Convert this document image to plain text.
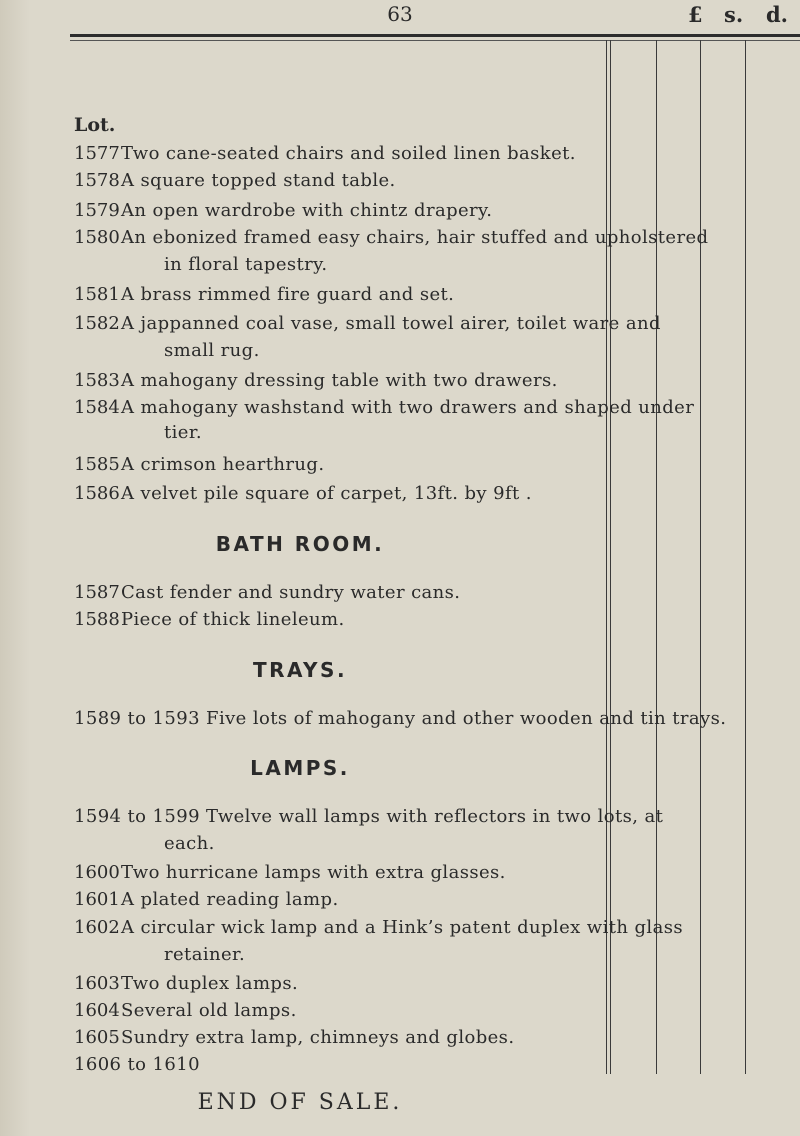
63	£ s. d.
Lot.
1577 Two cane-seated chairs and soiled linen basket.
1578 A square topped stand table.
1579 An open wardrobe with chintz drapery.
1580 An ebonized framed easy chairs, hair stuffed and upholstered
in floral tapestry.
1581 A brass rimmed fire guard and set.
1582 A jappanned coal vase, small towel airer, toilet ware and
small rug.
1583 A mahogany dressing table with two drawers.
1584 A mahogany washstand with two drawers and shaped under
tier.
1585 A crimson hearthrug.
1586 A velvet pile square of carpet, 13ft. by 9ft .
BATH ROOM.
1587 Cast fender and sundry water cans.
1588 Piece of thick lineleum.
TRAYS.
1589 to 1593 Five lots of mahogany and other wooden and tin trays.
LAMPS.
1594 to 1599 Twelve wall lamps with reflectors in two lots, at
each.
1600 Two hurricane lamps with extra glasses.
1601 A plated reading lamp.
1602 A circular wick lamp and a Hink’s patent duplex with glass
retainer.
1603 Two duplex lamps.
1604 Several old lamps.
1605 Sundry extra lamp, chimneys and globes.
1606 to 1610
END OF SALE.
